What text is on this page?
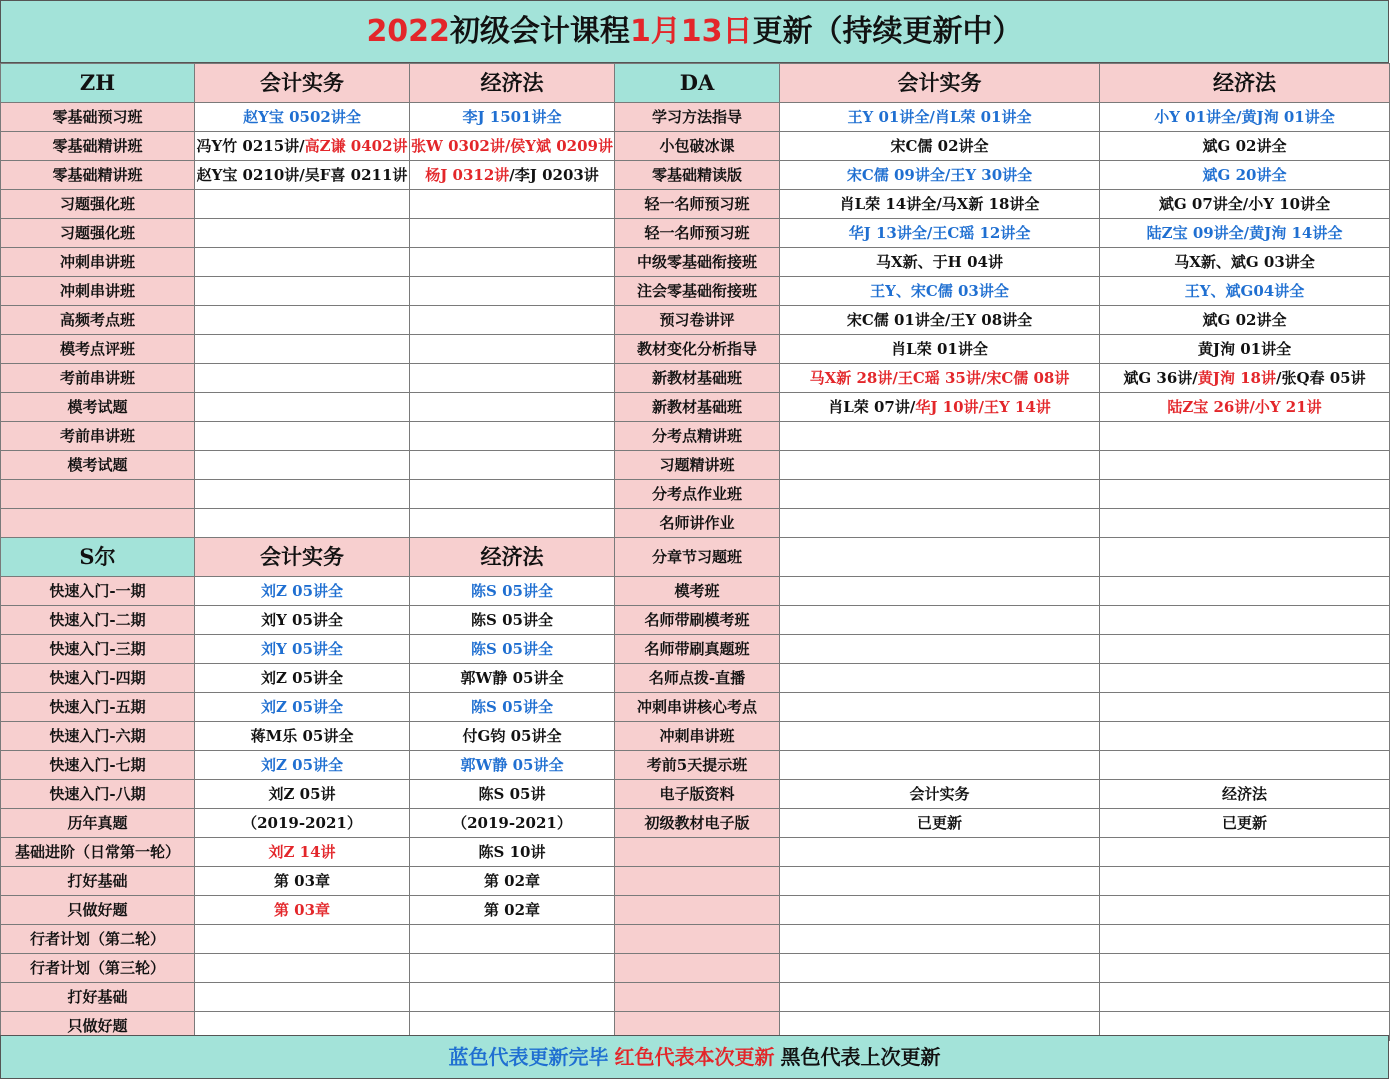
2022初级会计课程1月13日更新（持续更新中）
ZH	会计实务	经济法	DA	会计实务	经济法
零基础预习班	赵Y宝 0502讲全	李J 1501讲全	学习方法指导	王Y 01讲全/肖L荣 01讲全	小Y 01讲全/黄J洵 01讲全
零基础精讲班	冯Y竹 0215讲/高Z谦 0402讲	张W 0302讲/侯Y斌 0209讲	小包破冰课	宋C儒 02讲全	斌G 02讲全
零基础精讲班	赵Y宝 0210讲/吴F喜 0211讲	杨J 0312讲/李J 0203讲	零基础精读版	宋C儒 09讲全/王Y 30讲全	斌G 20讲全
习题强化班			轻一名师预习班	肖L荣 14讲全/马X新 18讲全	斌G 07讲全/小Y 10讲全
习题强化班			轻一名师预习班	华J 13讲全/王C瑶 12讲全	陆Z宝 09讲全/黄J洵 14讲全
冲刺串讲班			中级零基础衔接班	马X新、于H 04讲	马X新、斌G 03讲全
冲刺串讲班			注会零基础衔接班	王Y、宋C儒 03讲全	王Y、斌G04讲全
高频考点班			预习卷讲评	宋C儒 01讲全/王Y 08讲全	斌G 02讲全
模考点评班			教材变化分析指导	肖L荣 01讲全	黄J洵 01讲全
考前串讲班			新教材基础班	马X新 28讲/王C瑶 35讲/宋C儒 08讲	斌G 36讲/黄J洵 18讲/张Q春 05讲
模考试题			新教材基础班	肖L荣 07讲/华J 10讲/王Y 14讲	陆Z宝 26讲/小Y 21讲
考前串讲班			分考点精讲班		
模考试题			习题精讲班		
			分考点作业班		
			名师讲作业		
S尔	会计实务	经济法	分章节习题班		
快速入门-一期	刘Z 05讲全	陈S 05讲全	模考班		
快速入门-二期	刘Y 05讲全	陈S 05讲全	名师带刷模考班		
快速入门-三期	刘Y 05讲全	陈S 05讲全	名师带刷真题班		
快速入门-四期	刘Z 05讲全	郭W静 05讲全	名师点拨-直播		
快速入门-五期	刘Z 05讲全	陈S 05讲全	冲刺串讲核心考点		
快速入门-六期	蒋M乐 05讲全	付G钧 05讲全	冲刺串讲班		
快速入门-七期	刘Z 05讲全	郭W静 05讲全	考前5天提示班		
快速入门-八期	刘Z 05讲	陈S 05讲	电子版资料	会计实务	经济法
历年真题	（2019-2021）	（2019-2021）	初级教材电子版	已更新	已更新
基础进阶（日常第一轮）	刘Z 14讲	陈S 10讲			
打好基础	第 03章	第 02章			
只做好题	第 03章	第 02章			
行者计划（第二轮）					
行者计划（第三轮）					
打好基础					
只做好题					
蓝色代表更新完毕 红色代表本次更新 黑色代表上次更新
